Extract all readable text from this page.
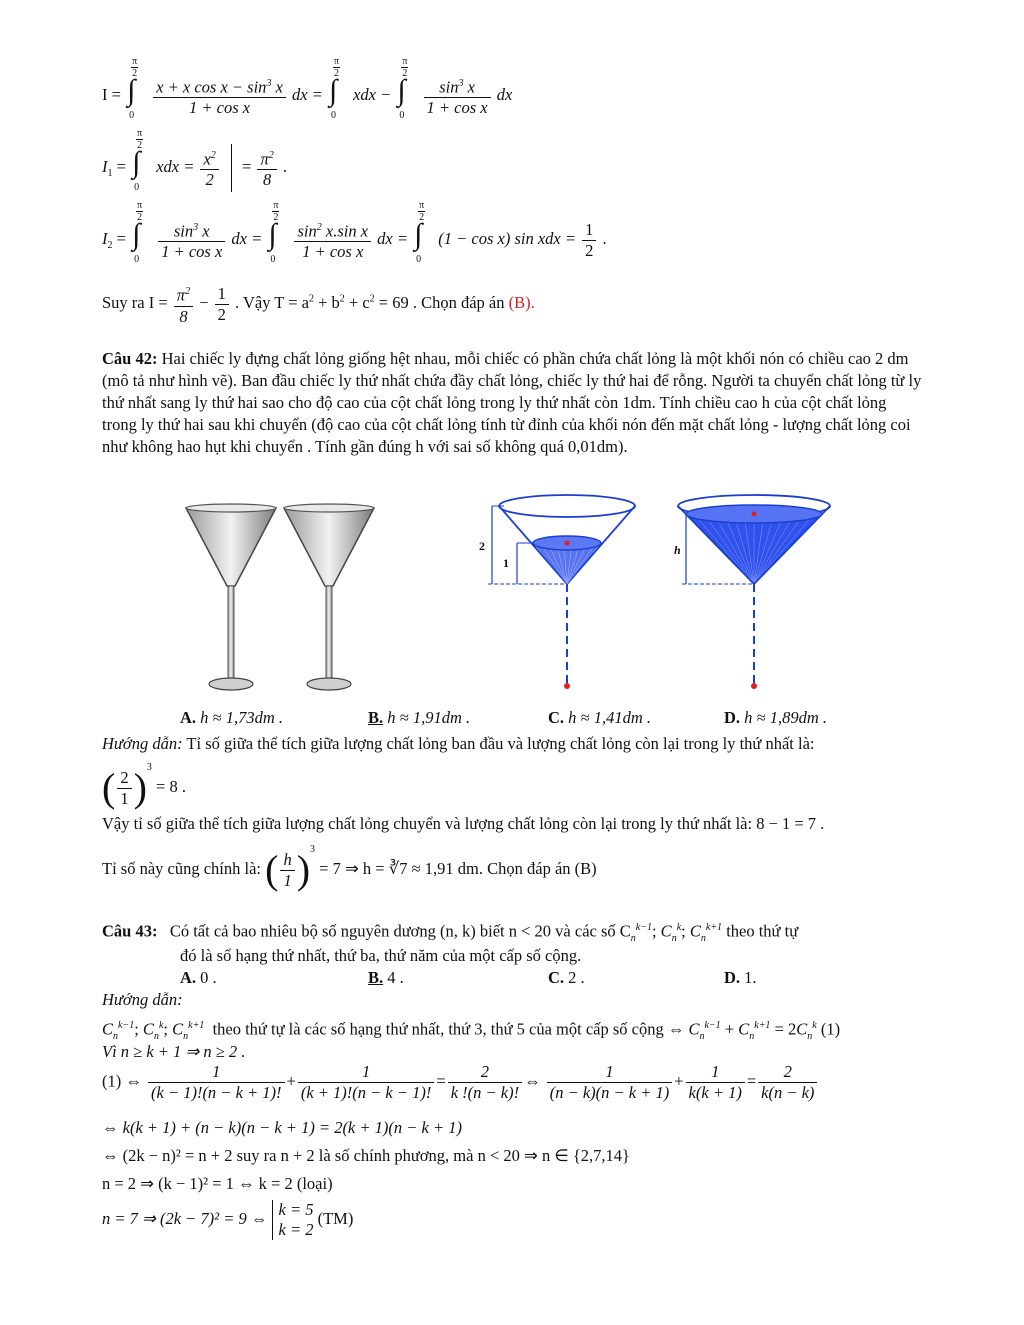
I =
π
2
∫
0
$\frac{x + x \cos x - \sin^3 x}{\text{1 + cos x}}$ dx =
π
2
∫
0
xdx −
π
2
∫
0
$\frac{\sin^3 x}{\text{1 + cos x}}$ dx
$I_1$ =
π
2
∫
0
xdx = $\frac{x^2}{2} = \frac{\pi^2}{8}$ .
$I_2$ =
π
2
∫
0
$\frac{\sin^3 x}{\text{1 + cos x}}$ dx =
π
2
∫
0
$\frac{\sin^2 x.\sin x}{\text{1 + cos x}}$ dx =
π
2
∫
0
(1 − cos x) sin xdx = $\frac{1}{2}$ .
Suy ra $I = \frac{\pi^2}{8} - \frac{1}{2}$ . Vậy $T = a^2 + b^2 + c^2 = 69$ . Chọn đáp án (B).
Câu 42: Hai chiếc ly đựng chất lỏng giống hệt nhau, mỗi chiếc có phần chứa chất lỏng là một khối nón có chiều cao 2 dm (mô tả như hình vẽ). Ban đầu chiếc ly thứ nhất chứa đầy chất lỏng, chiếc ly thứ hai để rỗng. Người ta chuyển chất lỏng từ ly thứ nhất sang ly thứ hai sao cho độ cao của cột chất lỏng trong ly thứ nhất còn 1dm. Tính chiều cao h của cột chất lỏng trong ly thứ hai sau khi chuyển (độ cao của cột chất lỏng tính từ đỉnh của khối nón đến mặt chất lỏng - lượng chất lỏng coi như không hao hụt khi chuyển . Tính gần đúng h với sai số không quá 0,01dm).
2
1
h
A. h ≈ 1,73dm .	B. h ≈ 1,91dm .	C. h ≈ 1,41dm .	D. h ≈ 1,89dm .
Hướng dẫn: Tỉ số giữa thể tích giữa lượng chất lỏng ban đầu và lượng chất lỏng còn lại trong ly thứ nhất là:
( $\frac{2}{1} )^3 = 8$ .
Vậy tỉ số giữa thể tích giữa lượng chất lỏng chuyển và lượng chất lỏng còn lại trong ly thứ nhất là: 8 − 1 = 7 .
Tỉ số này cũng chính là: ( $\frac{h}{1} )^3 = 7$ ⇒ h = ∛7 ≈ 1,91 dm. Chọn đáp án (B)
Câu 43: Có tất cả bao nhiêu bộ số nguyên dương (n, k) biết n < 20 và các số $C_n^{k-1}$; $C_n^k$; $C_n^{k+1}$ theo thứ tự
đó là số hạng thứ nhất, thứ ba, thứ năm của một cấp số cộng.
A. 0 .	B. 4 .	C. 2 .	D. 1.
Hướng dẫn:
$C_n^{k-1}$; $C_n^k$; $C_n^{k+1}$ theo thứ tự là các số hạng thứ nhất, thứ 3, thứ 5 của một cấp số cộng ⇔ $C_n^{k-1} + C_n^{k+1} = 2C_n^k$ (1)
Vì n ≥ k + 1 ⇒ n ≥ 2 .
(1) ⇔ $\frac{1}{(k - 1)!(n - k + 1)!} + \frac{1}{(k + 1)!(n - k - 1)!} = \frac{2}{k !(n - k)!}$ ⇔ $\frac{1}{(n - k)(n - k + 1)} + \frac{1}{k(k + 1)} = \frac{2}{k(n - k)}$
⇔ k(k + 1) + (n − k)(n − k + 1) = 2(k + 1)(n − k + 1)
⇔ (2k − n)² = n + 2 suy ra n + 2 là số chính phương, mà n < 20 ⇒ n ∈ {2,7,14}
n = 2 ⇒ (k − 1)² = 1 ⇔ k = 2 (loại)
n = 7 ⇒ (2k − 7)² = 9 ⇔ k = 5
k = 2
(TM)
